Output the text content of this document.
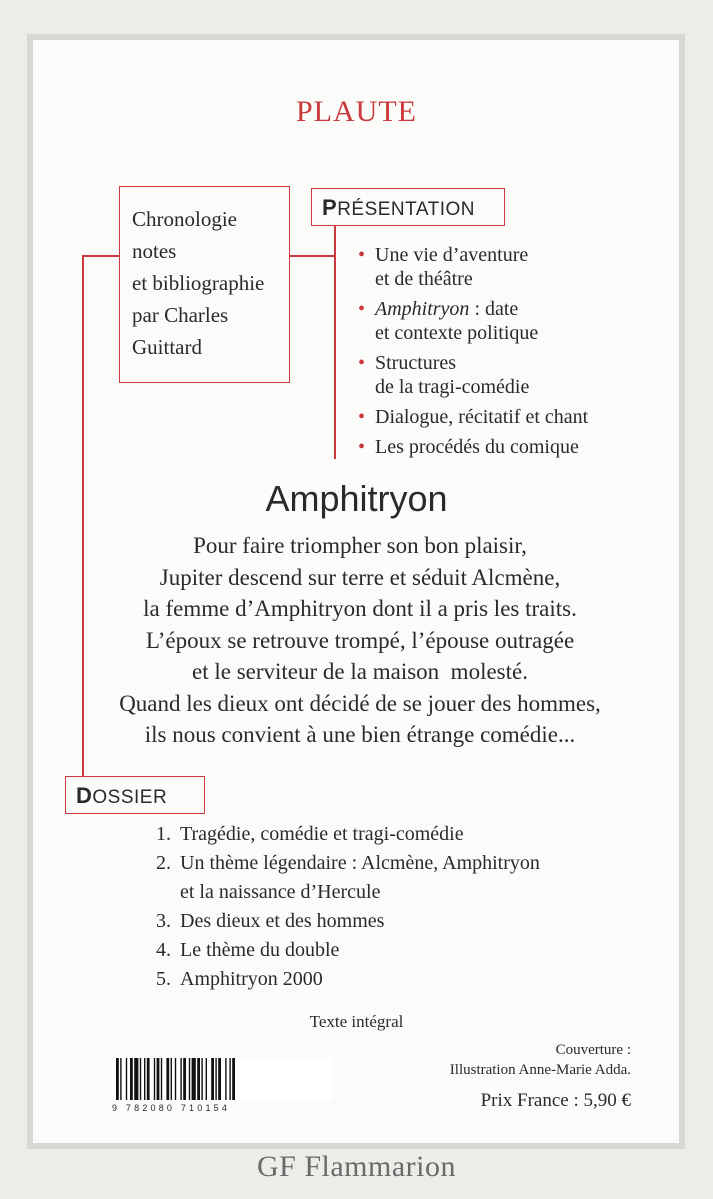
PLAUTE
Chronologie
notes
et bibliographie
par Charles
Guittard
PRÉSENTATION
• Une vie d’aventure
et de théâtre
• Amphitryon : date
et contexte politique
• Structures
de la tragi-comédie
• Dialogue, récitatif et chant
• Les procédés du comique
Amphitryon
Pour faire triompher son bon plaisir,
Jupiter descend sur terre et séduit Alcmène,
la femme d’Amphitryon dont il a pris les traits.
L’époux se retrouve trompé, l’épouse outragée
et le serviteur de la maison  molesté.
Quand les dieux ont décidé de se jouer des hommes,
ils nous convient à une bien étrange comédie...
DOSSIER
1. Tragédie, comédie et tragi-comédie
2. Un thème légendaire : Alcmène, Amphitryon
et la naissance d’Hercule
3. Des dieux et des hommes
4. Le thème du double
5. Amphitryon 2000
Texte intégral
Couverture :
Illustration Anne-Marie Adda.
Prix France : 5,90 €
9 782080 710154
GF Flammarion
